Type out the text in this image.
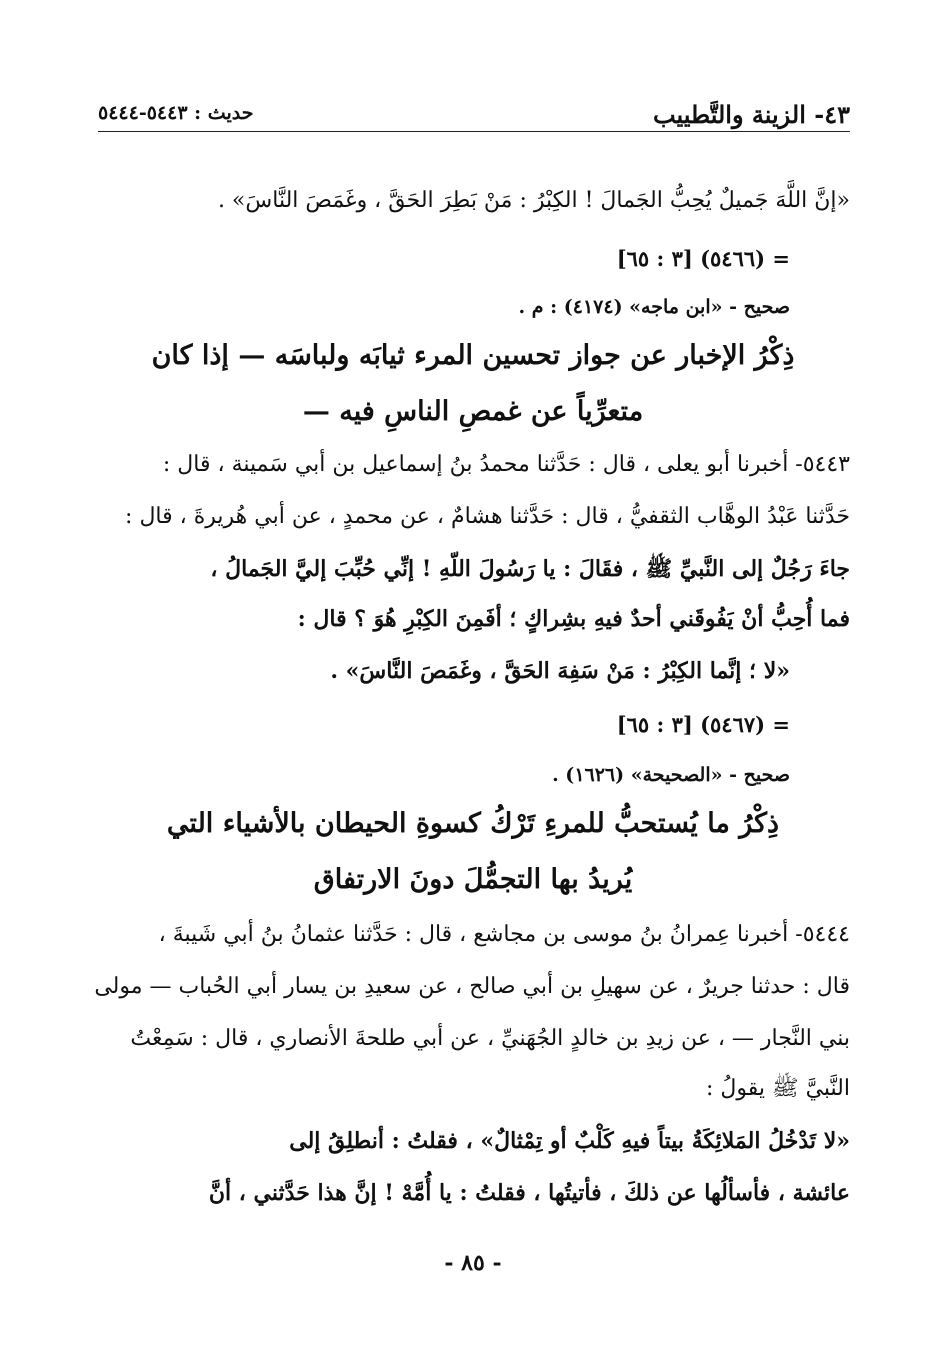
٤٣- الزينة والتَّطييب
حديث : ٥٤٤٣-٥٤٤٤
«إنَّ اللَّهَ جَميلٌ يُحِبُّ الجَمالَ ! الكِبْرُ : مَنْ بَطِرَ الحَقَّ ، وغَمَصَ النَّاسَ» .
= (٥٤٦٦) [٣ : ٦٥]
صحيح - «ابن ماجه» (٤١٧٤) : م .
ذِكْرُ الإخبار عن جواز تحسين المرء ثيابَه ولباسَه — إذا كان
متعرِّياً عن غمصِ الناسِ فيه —
٥٤٤٣- أخبرنا أبو يعلى ، قال : حَدَّثنا محمدُ بنُ إسماعيل بن أبي سَمينة ، قال :
حَدَّثنا عَبْدُ الوهَّاب الثقفيُّ ، قال : حَدَّثنا هشامٌ ، عن محمدٍ ، عن أبي هُريرةَ ، قال :
جاءَ رَجُلٌ إلى النَّبيِّ ﷺ ، فقَالَ : يا رَسُولَ اللّهِ ! إنِّي حُبِّبَ إليَّ الجَمالُ ،
فما أُحِبُّ أنْ يَفُوقَني أحدٌ فيهِ بشِراكٍ ؛ أفَمِنَ الكِبْرِ هُوَ ؟ قال :
«لا ؛ إنَّما الكِبْرُ : مَنْ سَفِهَ الحَقَّ ، وغَمَصَ النَّاسَ» .
= (٥٤٦٧) [٣ : ٦٥]
صحيح - «الصحيحة» (١٦٢٦) .
ذِكْرُ ما يُستحبُّ للمرءِ تَرْكُ كسوةِ الحيطان بالأشياء التي
يُريدُ بها التجمُّلَ دونَ الارتفاق
٥٤٤٤- أخبرنا عِمرانُ بنُ موسى بن مجاشع ، قال : حَدَّثنا عثمانُ بنُ أبي شَيبةَ ،
قال : حدثنا جريرٌ ، عن سهيلِ بن أبي صالح ، عن سعيدِ بن يسار أبي الحُباب — مولى
بني النَّجار — ، عن زيدِ بن خالدٍ الجُهَنيِّ ، عن أبي طلحةَ الأنصاري ، قال : سَمِعْتُ
النَّبيَّ ﷺ يقولُ :
«لا تَدْخُلُ المَلائِكَةُ بيتاً فيهِ كَلْبٌ أو تِمْثالٌ» ، فقلتُ : أنطلِقُ إلى
عائشة ، فأسألُها عن ذلكَ ، فأتيتُها ، فقلتُ : يا أُمَّهْ ! إنَّ هذا حَدَّثني ، أنَّ
- ٨٥ -
